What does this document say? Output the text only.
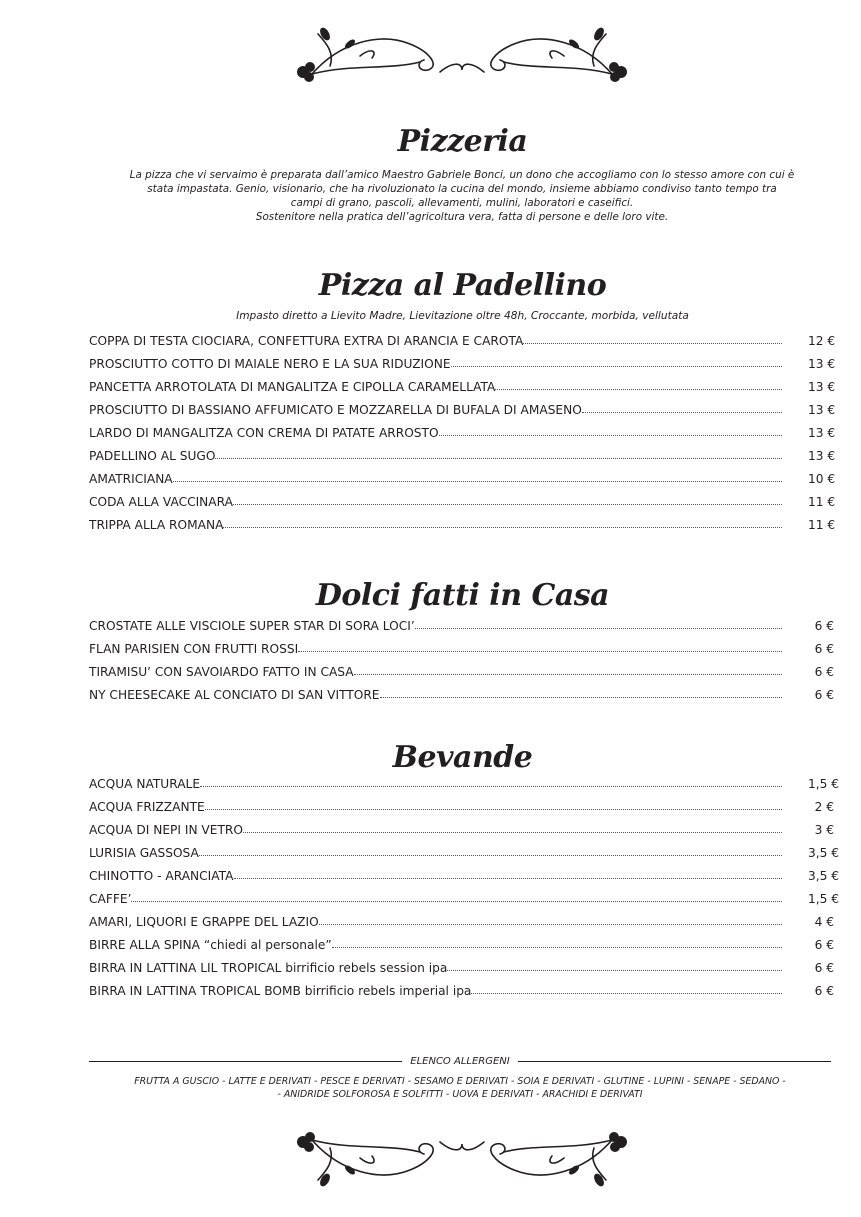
Pizzeria
La pizza che vi servaimo è preparata dall’amico Maestro Gabriele Bonci, un dono che accogliamo con lo stesso amore con cui è
stata impastata. Genio, visionario, che ha rivoluzionato la cucina del mondo, insieme abbiamo condiviso tanto tempo tra
campi di grano, pascoli, allevamenti, mulini, laboratori e caseifici.
Sostenitore nella pratica dell’agricoltura vera, fatta di persone e delle loro vite.
Pizza al Padellino
Impasto diretto a Lievito Madre, Lievitazione oltre 48h, Croccante, morbida, vellutata
COPPA DI TESTA CIOCIARA, CONFETTURA EXTRA DI ARANCIA E CAROTA	12 €
PROSCIUTTO COTTO DI MAIALE NERO E LA SUA RIDUZIONE	13 €
PANCETTA ARROTOLATA DI MANGALITZA E CIPOLLA CARAMELLATA	13 €
PROSCIUTTO DI BASSIANO AFFUMICATO E MOZZARELLA DI BUFALA DI AMASENO	13 €
LARDO DI MANGALITZA CON CREMA DI PATATE ARROSTO	13 €
PADELLINO AL SUGO	13 €
AMATRICIANA	10 €
CODA ALLA VACCINARA	11 €
TRIPPA ALLA ROMANA	11 €
Dolci fatti in Casa
CROSTATE ALLE VISCIOLE SUPER STAR DI SORA LOCI’	6 €
FLAN PARISIEN CON FRUTTI ROSSI	6 €
TIRAMISU’ CON SAVOIARDO FATTO IN CASA	6 €
NY CHEESECAKE AL CONCIATO DI SAN VITTORE	6 €
Bevande
ACQUA NATURALE	1,5 €
ACQUA FRIZZANTE	2 €
ACQUA DI NEPI IN VETRO	3 €
LURISIA GASSOSA	3,5 €
CHINOTTO - ARANCIATA	3,5 €
CAFFE’	1,5 €
AMARI, LIQUORI E GRAPPE DEL LAZIO	4 €
BIRRE ALLA SPINA “chiedi al personale”	6 €
BIRRA IN LATTINA LIL TROPICAL birrificio rebels session ipa	6 €
BIRRA IN LATTINA TROPICAL BOMB birrificio rebels imperial ipa	6 €
ELENCO ALLERGENI
FRUTTA A GUSCIO - LATTE E DERIVATI - PESCE E DERIVATI - SESAMO E DERIVATI - SOIA E DERIVATI - GLUTINE - LUPINI - SENAPE - SEDANO -
- ANIDRIDE SOLFOROSA E SOLFITTI - UOVA E DERIVATI - ARACHIDI E DERIVATI
